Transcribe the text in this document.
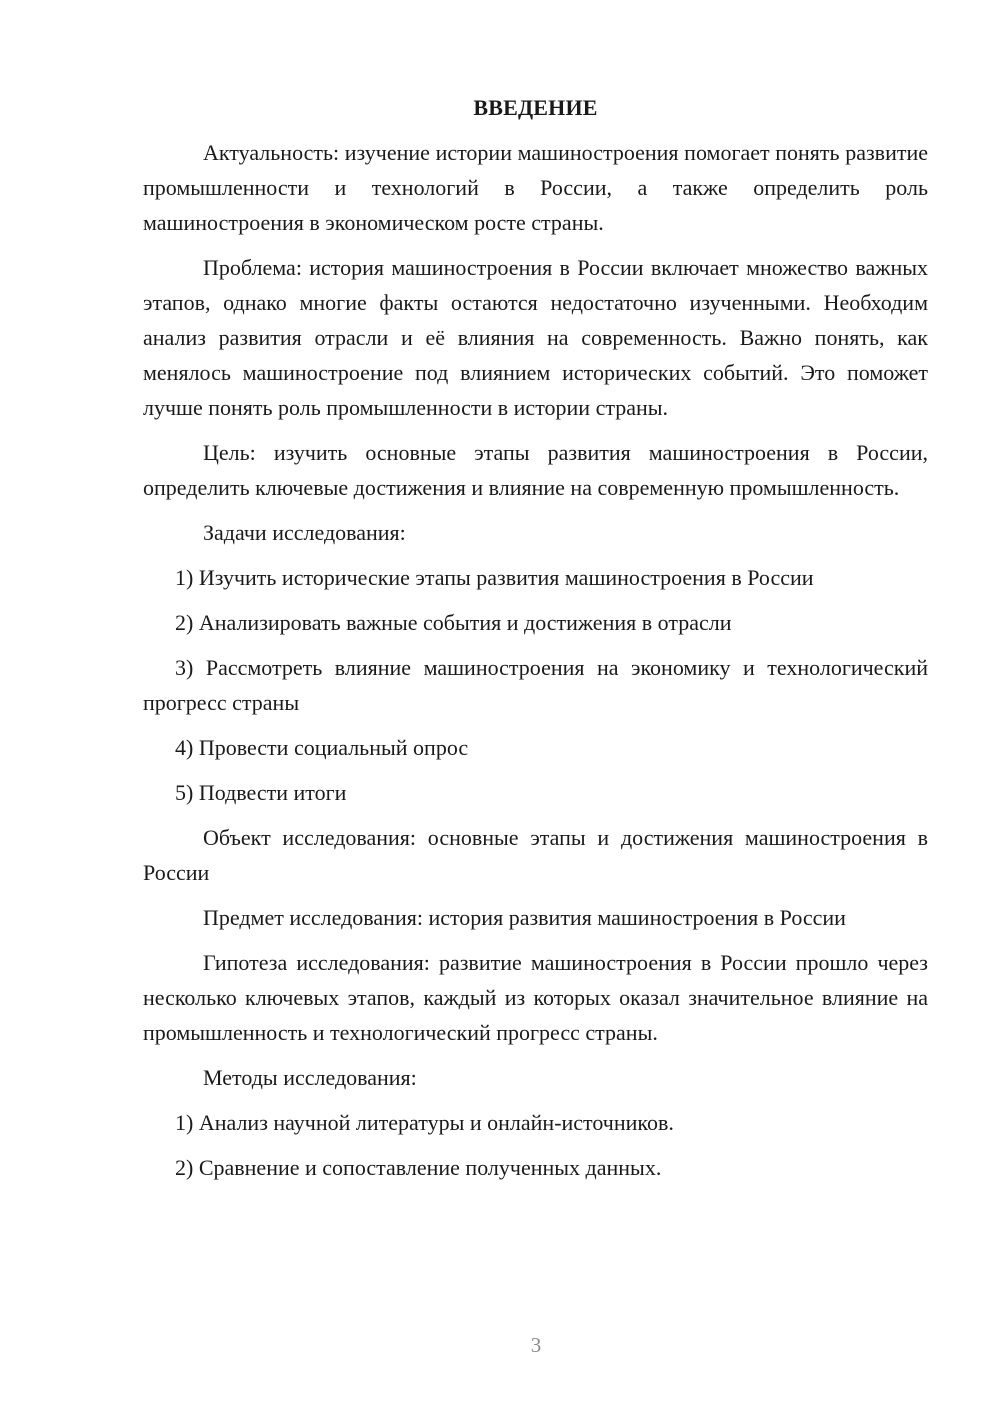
ВВЕДЕНИЕ
Актуальность: изучение истории машиностроения помогает понять развитие промышленности и технологий в России, а также определить роль машиностроения в экономическом росте страны.
Проблема: история машиностроения в России включает множество важных этапов, однако многие факты остаются недостаточно изученными. Необходим анализ развития отрасли и её влияния на современность. Важно понять, как менялось машиностроение под влиянием исторических событий. Это поможет лучше понять роль промышленности в истории страны.
Цель: изучить основные этапы развития машиностроения в России, определить ключевые достижения и влияние на современную промышленность.
Задачи исследования:
1) Изучить исторические этапы развития машиностроения в России
2) Анализировать важные события и достижения в отрасли
3) Рассмотреть влияние машиностроения на экономику и технологический прогресс страны
4) Провести социальный опрос
5) Подвести итоги
Объект исследования: основные этапы и достижения машиностроения в России
Предмет исследования: история развития машиностроения в России
Гипотеза исследования: развитие машиностроения в России прошло через несколько ключевых этапов, каждый из которых оказал значительное влияние на промышленность и технологический прогресс страны.
Методы исследования:
1) Анализ научной литературы и онлайн-источников.
2) Сравнение и сопоставление полученных данных.
3
